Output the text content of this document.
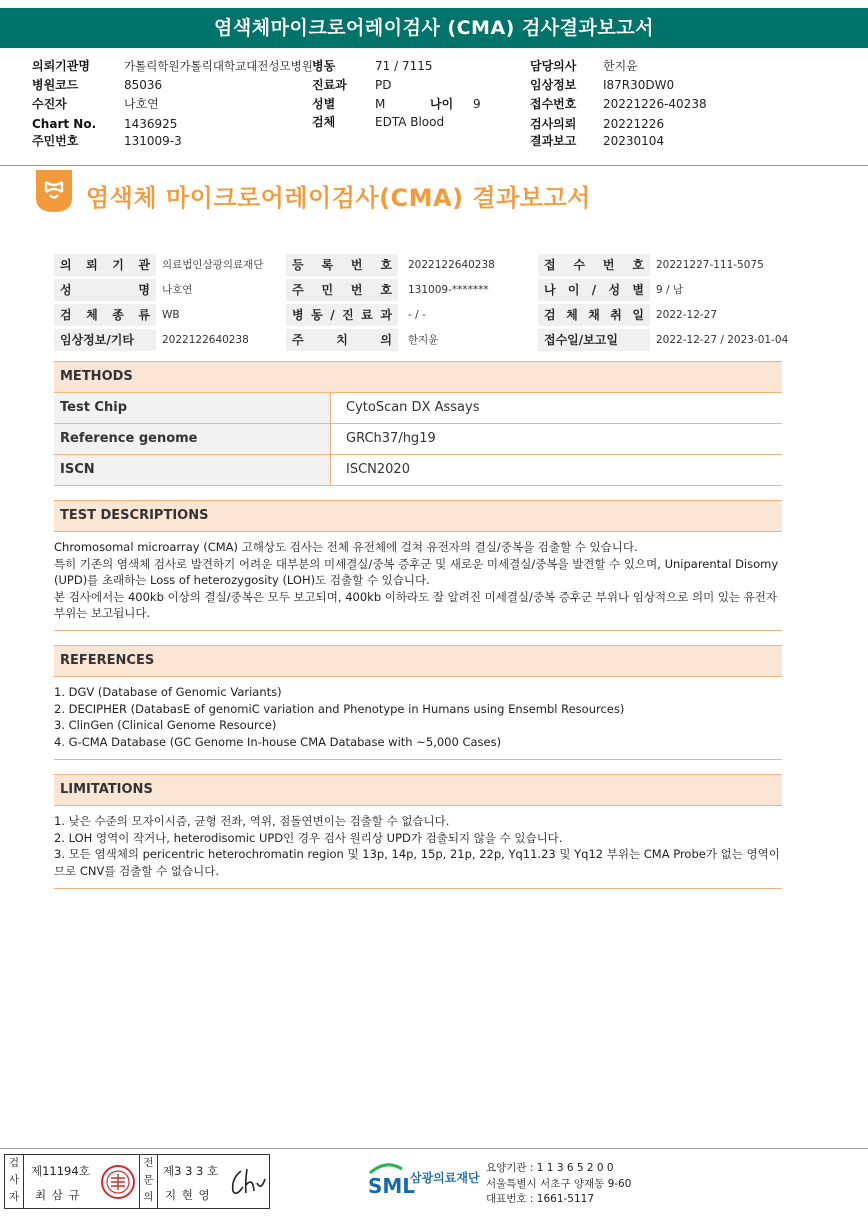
염색체마이크로어레이검사 (CMA) 검사결과보고서
의뢰기관명	가톨릭학원가톨릭대학교대전성모병원 병동	71 / 7115	담당의사 한지윤
병원코드	85036	진료과 PD	임상정보 I87R30DW0
수진자	나호연	성별	M	나이 9	접수번호 20221226-40238
Chart No. 1436925	검체	EDTA Blood	검사의뢰 20221226
주민번호	131009-3	결과보고 20230104
염색체 마이크로어레이검사(CMA) 결과보고서
의 뢰 기 관	의료법인삼광의료재단	등 록 번 호	2022122640238	접 수 번 호	20221227-111-5075
성 명	나호연	주 민 번 호	131009-*******	나 이 / 성 별	9 / 남
검 체 종 류	WB	병 동 / 진 료 과	- / -	검 체 채 취 일	2022-12-27
임상정보/기타	2022122640238	주 치 의	한지윤	접수일/보고일	2022-12-27 / 2023-01-04
METHODS
Test Chip	CytoScan DX Assays
Reference genome	GRCh37/hg19
ISCN	ISCN2020
TEST DESCRIPTIONS
Chromosomal microarray (CMA) 고해상도 검사는 전체 유전체에 걸쳐 유전자의 결실/중복을 검출할 수 있습니다.
특히 기존의 염색체 검사로 발견하기 어려운 대부분의 미세결실/중복 증후군 및 새로운 미세결실/중복을 발견할 수 있으며, Uniparental Disomy (UPD)를 초래하는 Loss of heterozygosity (LOH)도 검출할 수 있습니다.
본 검사에서는 400kb 이상의 결실/중복은 모두 보고되며, 400kb 이하라도 잘 알려진 미세결실/중복 증후군 부위나 임상적으로 의미 있는 유전자 부위는 보고됩니다.
REFERENCES
1. DGV (Database of Genomic Variants)
2. DECIPHER (DatabasE of genomiC variation and Phenotype in Humans using Ensembl Resources)
3. ClinGen (Clinical Genome Resource)
4. G-CMA Database (GC Genome In-house CMA Database with ~5,000 Cases)
LIMITATIONS
1. 낮은 수준의 모자이시즘, 균형 전좌, 역위, 점돌연변이는 검출할 수 없습니다.
2. LOH 영역이 작거나, heterodisomic UPD인 경우 검사 원리상 UPD가 검출되지 않을 수 있습니다.
3. 모든 염색체의 pericentric heterochromatin region 및 13p, 14p, 15p, 21p, 22p, Yq11.23 및 Yq12 부위는 CMA Probe가 없는 영역이므로 CNV를 검출할 수 없습니다.
검
사
자
제11194호
최 삼 규
전
문
의
제3 3 3 호
지 현 영	SML
삼광의료재단
요양기관 : 1 1 3 6 5 2 0 0
서울특별시 서초구 양재동 9-60
대표번호 : 1661-5117
